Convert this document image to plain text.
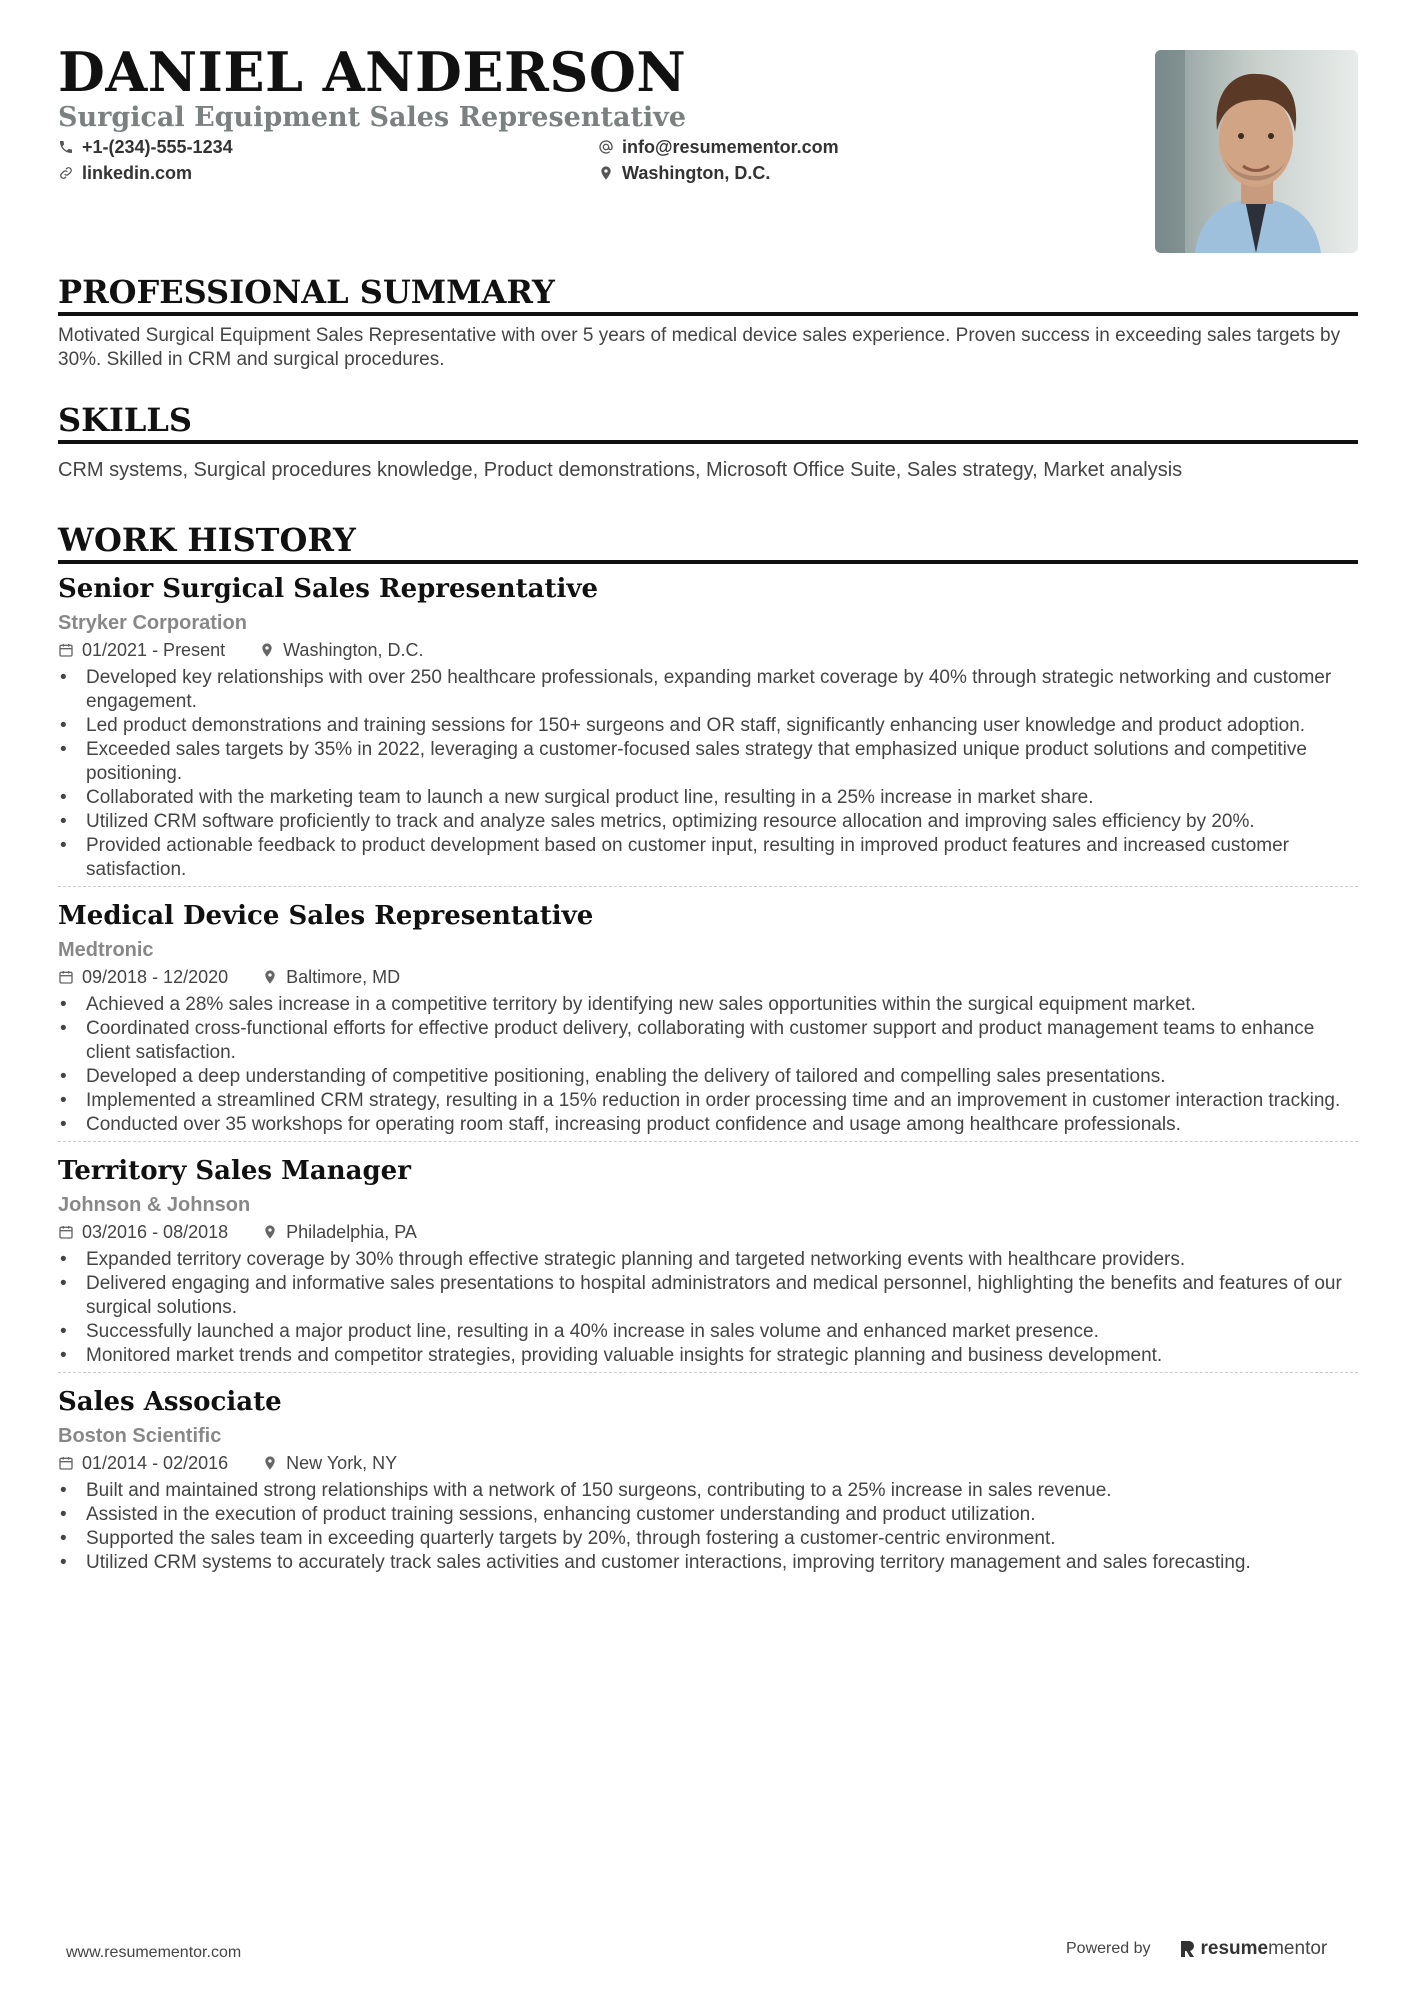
DANIEL ANDERSON
Surgical Equipment Sales Representative
+1-(234)-555-1234	info@resumementor.com
linkedin.com	Washington, D.C.
PROFESSIONAL SUMMARY
Motivated Surgical Equipment Sales Representative with over 5 years of medical device sales experience. Proven success in exceeding sales targets by 30%. Skilled in CRM and surgical procedures.
SKILLS
CRM systems, Surgical procedures knowledge, Product demonstrations, Microsoft Office Suite, Sales strategy, Market analysis
WORK HISTORY
Senior Surgical Sales Representative
Stryker Corporation
01/2021 - Present	Washington, D.C.
• Developed key relationships with over 250 healthcare professionals, expanding market coverage by 40% through strategic networking and customer engagement.
• Led product demonstrations and training sessions for 150+ surgeons and OR staff, significantly enhancing user knowledge and product adoption.
• Exceeded sales targets by 35% in 2022, leveraging a customer-focused sales strategy that emphasized unique product solutions and competitive positioning.
• Collaborated with the marketing team to launch a new surgical product line, resulting in a 25% increase in market share.
• Utilized CRM software proficiently to track and analyze sales metrics, optimizing resource allocation and improving sales efficiency by 20%.
• Provided actionable feedback to product development based on customer input, resulting in improved product features and increased customer satisfaction.
Medical Device Sales Representative
Medtronic
09/2018 - 12/2020	Baltimore, MD
• Achieved a 28% sales increase in a competitive territory by identifying new sales opportunities within the surgical equipment market.
• Coordinated cross-functional efforts for effective product delivery, collaborating with customer support and product management teams to enhance client satisfaction.
• Developed a deep understanding of competitive positioning, enabling the delivery of tailored and compelling sales presentations.
• Implemented a streamlined CRM strategy, resulting in a 15% reduction in order processing time and an improvement in customer interaction tracking.
• Conducted over 35 workshops for operating room staff, increasing product confidence and usage among healthcare professionals.
Territory Sales Manager
Johnson & Johnson
03/2016 - 08/2018	Philadelphia, PA
• Expanded territory coverage by 30% through effective strategic planning and targeted networking events with healthcare providers.
• Delivered engaging and informative sales presentations to hospital administrators and medical personnel, highlighting the benefits and features of our surgical solutions.
• Successfully launched a major product line, resulting in a 40% increase in sales volume and enhanced market presence.
• Monitored market trends and competitor strategies, providing valuable insights for strategic planning and business development.
Sales Associate
Boston Scientific
01/2014 - 02/2016	New York, NY
• Built and maintained strong relationships with a network of 150 surgeons, contributing to a 25% increase in sales revenue.
• Assisted in the execution of product training sessions, enhancing customer understanding and product utilization.
• Supported the sales team in exceeding quarterly targets by 20%, through fostering a customer-centric environment.
• Utilized CRM systems to accurately track sales activities and customer interactions, improving territory management and sales forecasting.
www.resumementor.com	Powered by	resumementor
